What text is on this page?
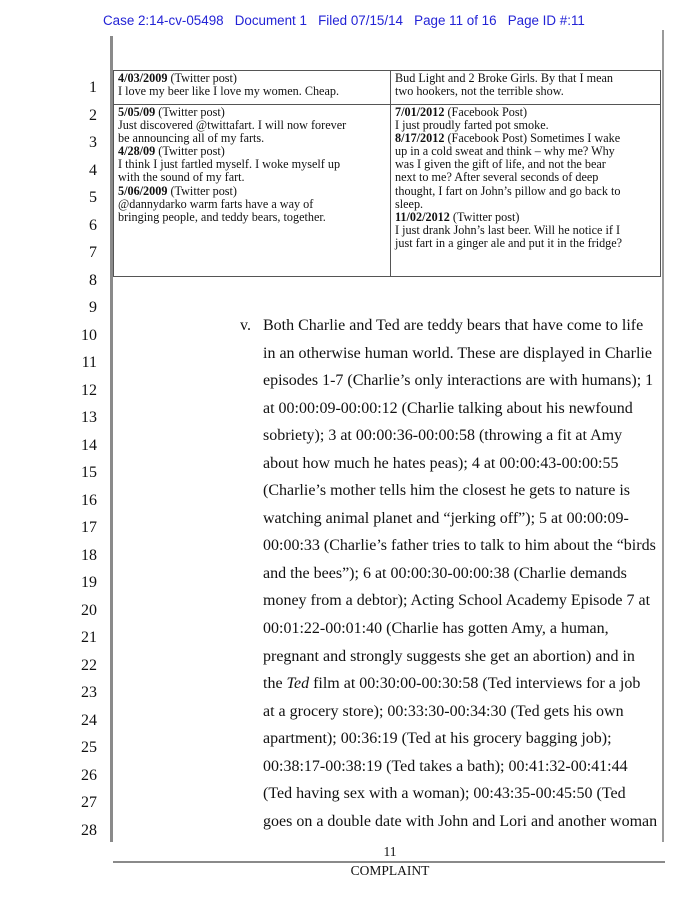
Case 2:14-cv-05498   Document 1   Filed 07/15/14   Page 11 of 16   Page ID #:11
1
2
3
4
5
6
7
8
9
10
11
12
13
14
15
16
17
18
19
20
21
22
23
24
25
26
27
28
4/03/2009 (Twitter post)
I love my beer like I love my women. Cheap.
5/05/09 (Twitter post)
Just discovered @twittafart. I will now forever
be announcing all of my farts.
4/28/09 (Twitter post)
I think I just fartled myself. I woke myself up
with the sound of my fart.
5/06/2009 (Twitter post)
@dannydarko warm farts have a way of
bringing people, and teddy bears, together.
Bud Light and 2 Broke Girls. By that I mean
two hookers, not the terrible show.
7/01/2012 (Facebook Post)
I just proudly farted pot smoke.
8/17/2012 (Facebook Post) Sometimes I wake
up in a cold sweat and think – why me? Why
was I given the gift of life, and not the bear
next to me? After several seconds of deep
thought, I fart on John’s pillow and go back to
sleep.
11/02/2012 (Twitter post)
I just drank John’s last beer. Will he notice if I
just fart in a ginger ale and put it in the fridge?
v. Both Charlie and Ted are teddy bears that have come to life
in an otherwise human world. These are displayed in Charlie
episodes 1-7 (Charlie’s only interactions are with humans); 1
at 00:00:09-00:00:12 (Charlie talking about his newfound
sobriety); 3 at 00:00:36-00:00:58 (throwing a fit at Amy
about how much he hates peas); 4 at 00:00:43-00:00:55
(Charlie’s mother tells him the closest he gets to nature is
watching animal planet and “jerking off”); 5 at 00:00:09-
00:00:33 (Charlie’s father tries to talk to him about the “birds
and the bees”); 6 at 00:00:30-00:00:38 (Charlie demands
money from a debtor); Acting School Academy Episode 7 at
00:01:22-00:01:40 (Charlie has gotten Amy, a human,
pregnant and strongly suggests she get an abortion) and in
the Ted film at 00:30:00-00:30:58 (Ted interviews for a job
at a grocery store); 00:33:30-00:34:30 (Ted gets his own
apartment); 00:36:19 (Ted at his grocery bagging job);
00:38:17-00:38:19 (Ted takes a bath); 00:41:32-00:41:44
(Ted having sex with a woman); 00:43:35-00:45:50 (Ted
goes on a double date with John and Lori and another woman
11
COMPLAINT
